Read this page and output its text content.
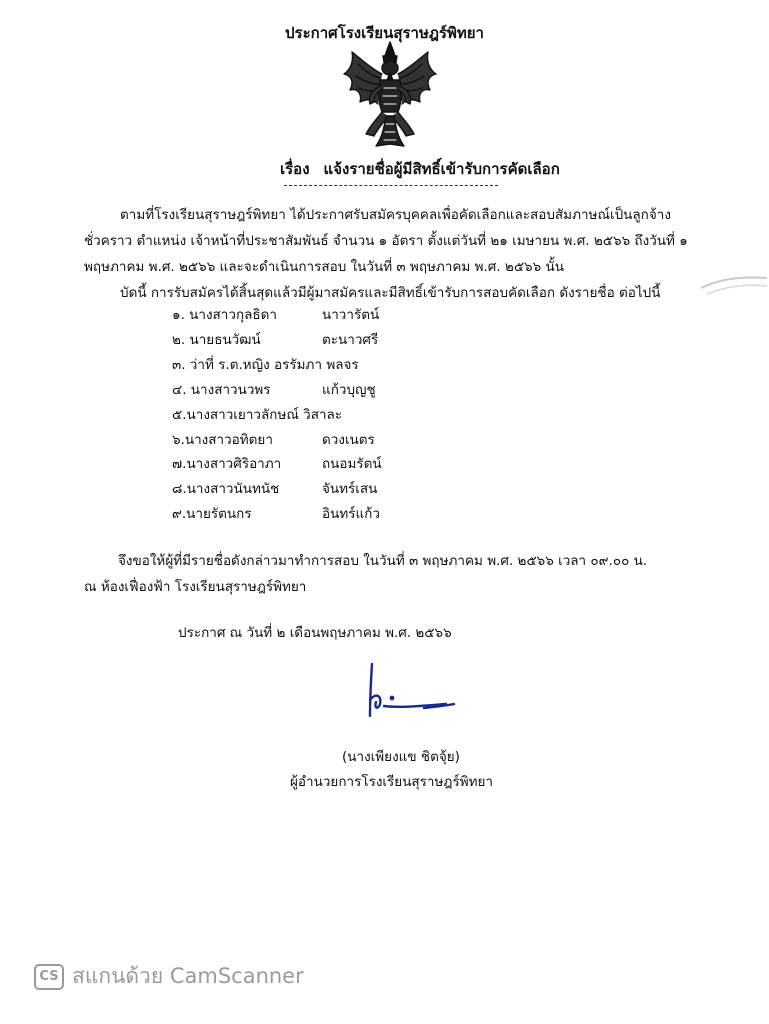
ประกาศโรงเรียนสุราษฎร์พิทยา
เรื่อง แจ้งรายชื่อผู้มีสิทธิ์เข้ารับการคัดเลือก
ตามที่โรงเรียนสุราษฎร์พิทยา ได้ประกาศรับสมัครบุคคลเพื่อคัดเลือกและสอบสัมภาษณ์เป็นลูกจ้าง
ชั่วคราว ตำแหน่ง เจ้าหน้าที่ประชาสัมพันธ์ จำนวน ๑ อัตรา ตั้งแต่วันที่ ๒๑ เมษายน พ.ศ. ๒๕๖๖ ถึงวันที่ ๑
พฤษภาคม พ.ศ. ๒๕๖๖ และจะดำเนินการสอบ ในวันที่ ๓ พฤษภาคม พ.ศ. ๒๕๖๖ นั้น
บัดนี้ การรับสมัครได้สิ้นสุดแล้วมีผู้มาสมัครและมีสิทธิ์เข้ารับการสอบคัดเลือก ดังรายชื่อ ต่อไปนี้
๑. นางสาวกุลธิดา	นาวารัตน์
๒. นายธนวัฒน์	ตะนาวศรี
๓. ว่าที่ ร.ต.หญิง อรรัมภา พลจร
๔. นางสาวนวพร	แก้วบุญชู
๕.นางสาวเยาวลักษณ์ วิสาละ
๖.นางสาวอทิตยา	ดวงเนตร
๗.นางสาวศิริอาภา	ถนอมรัตน์
๘.นางสาวนันทนัช	จันทร์เสน
๙.นายรัตนกร	อินทร์แก้ว
จึงขอให้ผู้ที่มีรายชื่อดังกล่าวมาทำการสอบ ในวันที่ ๓ พฤษภาคม พ.ศ. ๒๕๖๖ เวลา ๐๙.๐๐ น.
ณ ห้องเฟื่องฟ้า โรงเรียนสุราษฎร์พิทยา
ประกาศ ณ วันที่ ๒ เดือนพฤษภาคม พ.ศ. ๒๕๖๖
(นางเพียงแข ชิตจุ้ย)
ผู้อำนวยการโรงเรียนสุราษฎร์พิทยา
CS สแกนด้วย CamScanner
